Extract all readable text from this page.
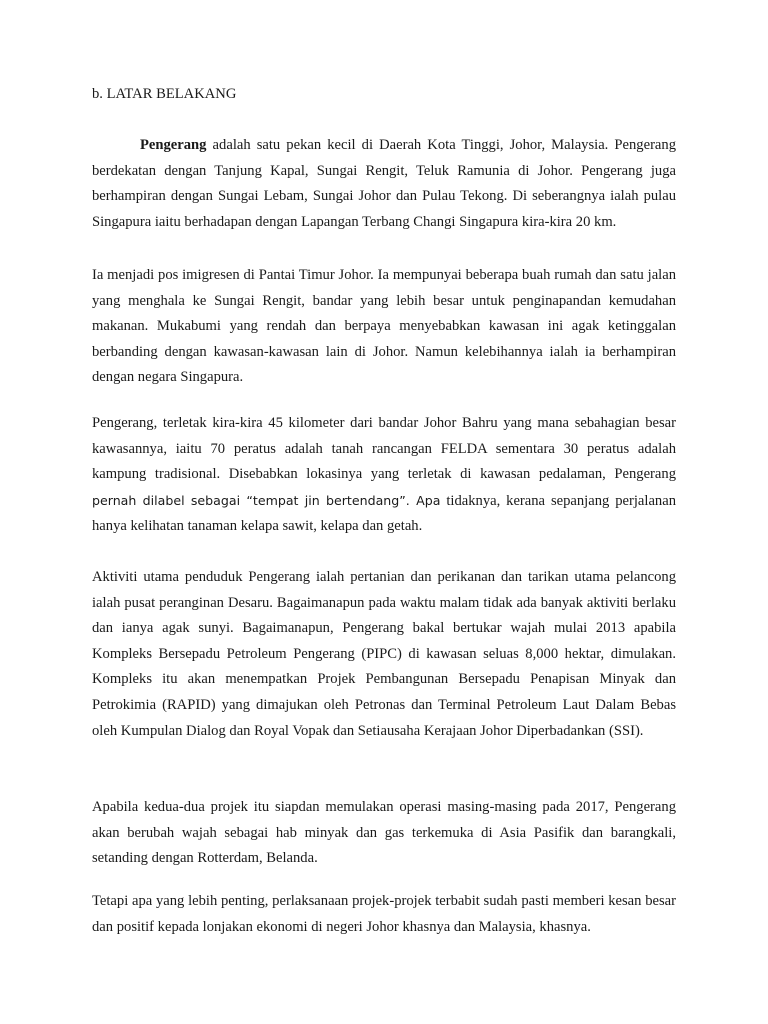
b. LATAR BELAKANG

Pengerang adalah satu pekan kecil di Daerah Kota Tinggi, Johor, Malaysia. Pengerang berdekatan dengan Tanjung Kapal, Sungai Rengit, Teluk Ramunia di Johor. Pengerang juga berhampiran dengan Sungai Lebam, Sungai Johor dan Pulau Tekong. Di seberangnya ialah pulau Singapura iaitu berhadapan dengan Lapangan Terbang Changi Singapura kira-kira 20 km.

Ia menjadi pos imigresen di Pantai Timur Johor. Ia mempunyai beberapa buah rumah dan satu jalan yang menghala ke Sungai Rengit, bandar yang lebih besar untuk penginapandan kemudahan makanan. Mukabumi yang rendah dan berpaya menyebabkan kawasan ini agak ketinggalan berbanding dengan kawasan-kawasan lain di Johor. Namun kelebihannya ialah ia berhampiran dengan negara Singapura.

Pengerang, terletak kira-kira 45 kilometer dari bandar Johor Bahru yang mana sebahagian besar kawasannya, iaitu 70 peratus adalah tanah rancangan FELDA sementara 30 peratus adalah kampung tradisional. Disebabkan lokasinya yang terletak di kawasan pedalaman, Pengerang pernah dilabel sebagai “tempat jin bertendang”. Apa tidaknya, kerana sepanjang perjalanan hanya kelihatan tanaman kelapa sawit, kelapa dan getah.

Aktiviti utama penduduk Pengerang ialah pertanian dan perikanan dan tarikan utama pelancong ialah pusat peranginan Desaru. Bagaimanapun pada waktu malam tidak ada banyak aktiviti berlaku dan ianya agak sunyi. Bagaimanapun, Pengerang bakal bertukar wajah mulai 2013 apabila Kompleks Bersepadu Petroleum Pengerang (PIPC) di kawasan seluas 8,000 hektar, dimulakan. Kompleks itu akan menempatkan Projek Pembangunan Bersepadu Penapisan Minyak dan Petrokimia (RAPID) yang dimajukan oleh Petronas dan Terminal Petroleum Laut Dalam Bebas oleh Kumpulan Dialog dan Royal Vopak dan Setiausaha Kerajaan Johor Diperbadankan (SSI).

Apabila kedua-dua projek itu siapdan memulakan operasi masing-masing pada 2017, Pengerang akan berubah wajah sebagai hab minyak dan gas terkemuka di Asia Pasifik dan barangkali, setanding dengan Rotterdam, Belanda.

Tetapi apa yang lebih penting, perlaksanaan projek-projek terbabit sudah pasti memberi kesan besar dan positif kepada lonjakan ekonomi di negeri Johor khasnya dan Malaysia, khasnya.
